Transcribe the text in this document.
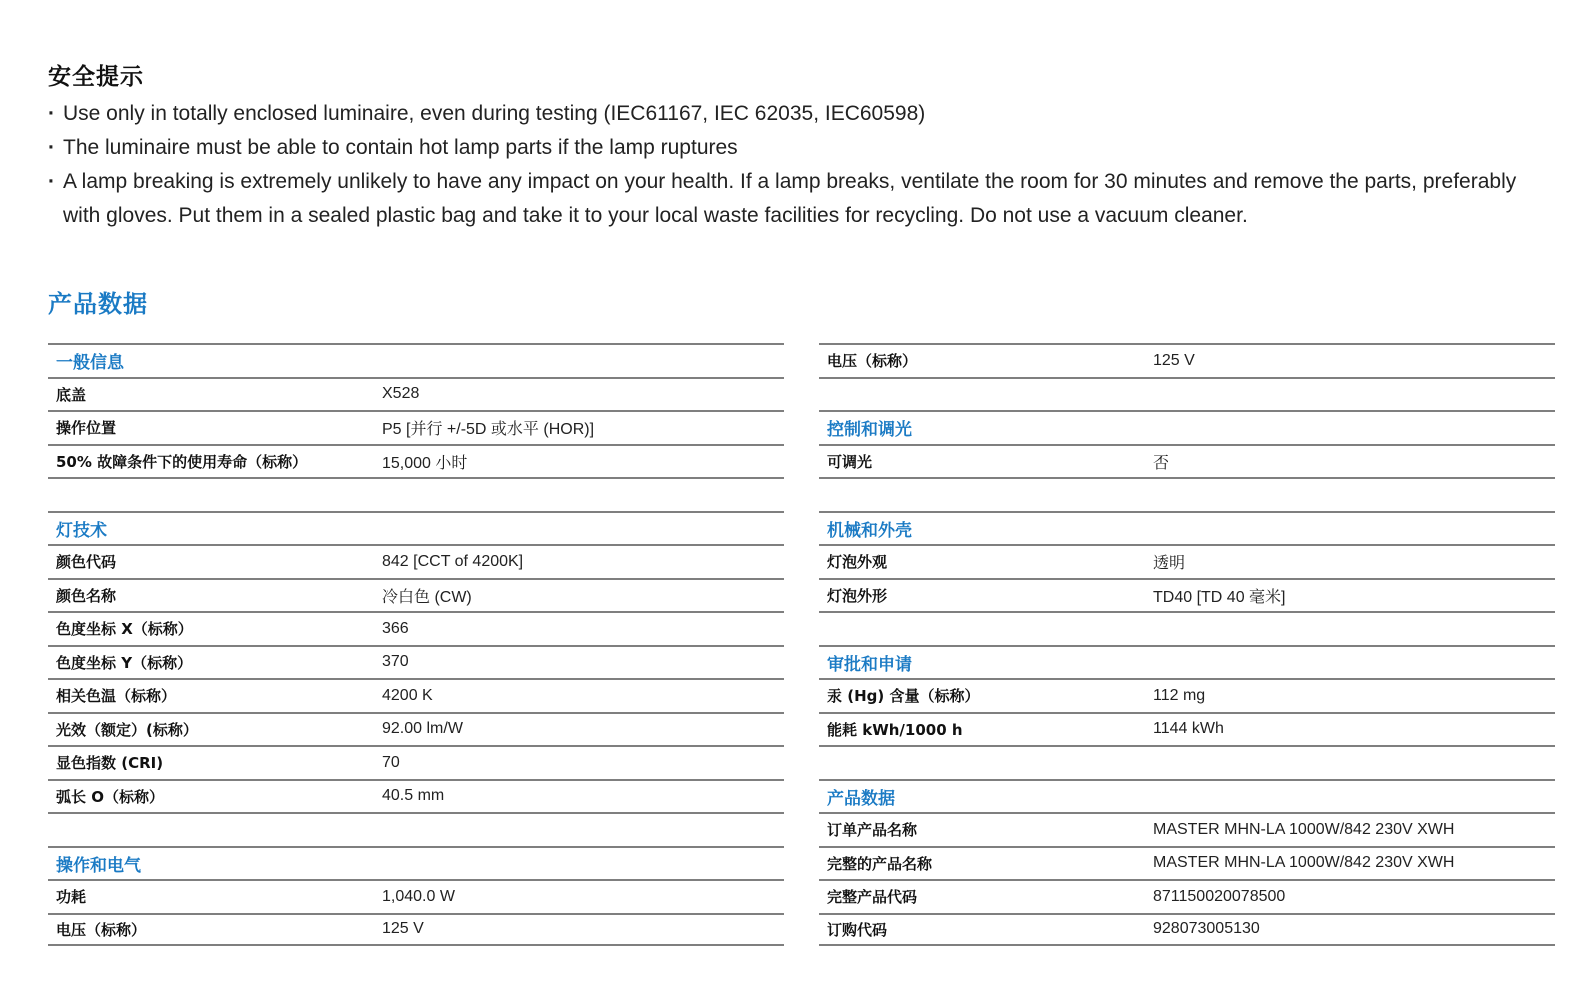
安全提示
· Use only in totally enclosed luminaire, even during testing (IEC61167, IEC 62035, IEC60598)
· The luminaire must be able to contain hot lamp parts if the lamp ruptures
· A lamp breaking is extremely unlikely to have any impact on your health. If a lamp breaks, ventilate the room for 30 minutes and remove the parts, preferably with gloves. Put them in a sealed plastic bag and take it to your local waste facilities for recycling. Do not use a vacuum cleaner.
产品数据
一般信息
底盖	X528
操作位置	P5 [并行 +/-5D 或水平 (HOR)]
50% 故障条件下的使用寿命（标称）	15,000 小时
灯技术
颜色代码	842 [CCT of 4200K]
颜色名称	冷白色 (CW)
色度坐标 X（标称）	366
色度坐标 Y（标称）	370
相关色温（标称）	4200 K
光效（额定）(标称）	92.00 lm/W
显色指数 (CRI)	70
弧长 O（标称）	40.5 mm
操作和电气
功耗	1,040.0 W
电压（标称）	125 V
电压（标称）	125 V
控制和调光
可调光	否
机械和外壳
灯泡外观	透明
灯泡外形	TD40 [TD 40 毫米]
审批和申请
汞 (Hg) 含量（标称）	112 mg
能耗 kWh/1000 h	1144 kWh
产品数据
订单产品名称	MASTER MHN-LA 1000W/842 230V XWH
完整的产品名称	MASTER MHN-LA 1000W/842 230V XWH
完整产品代码	871150020078500
订购代码	928073005130
